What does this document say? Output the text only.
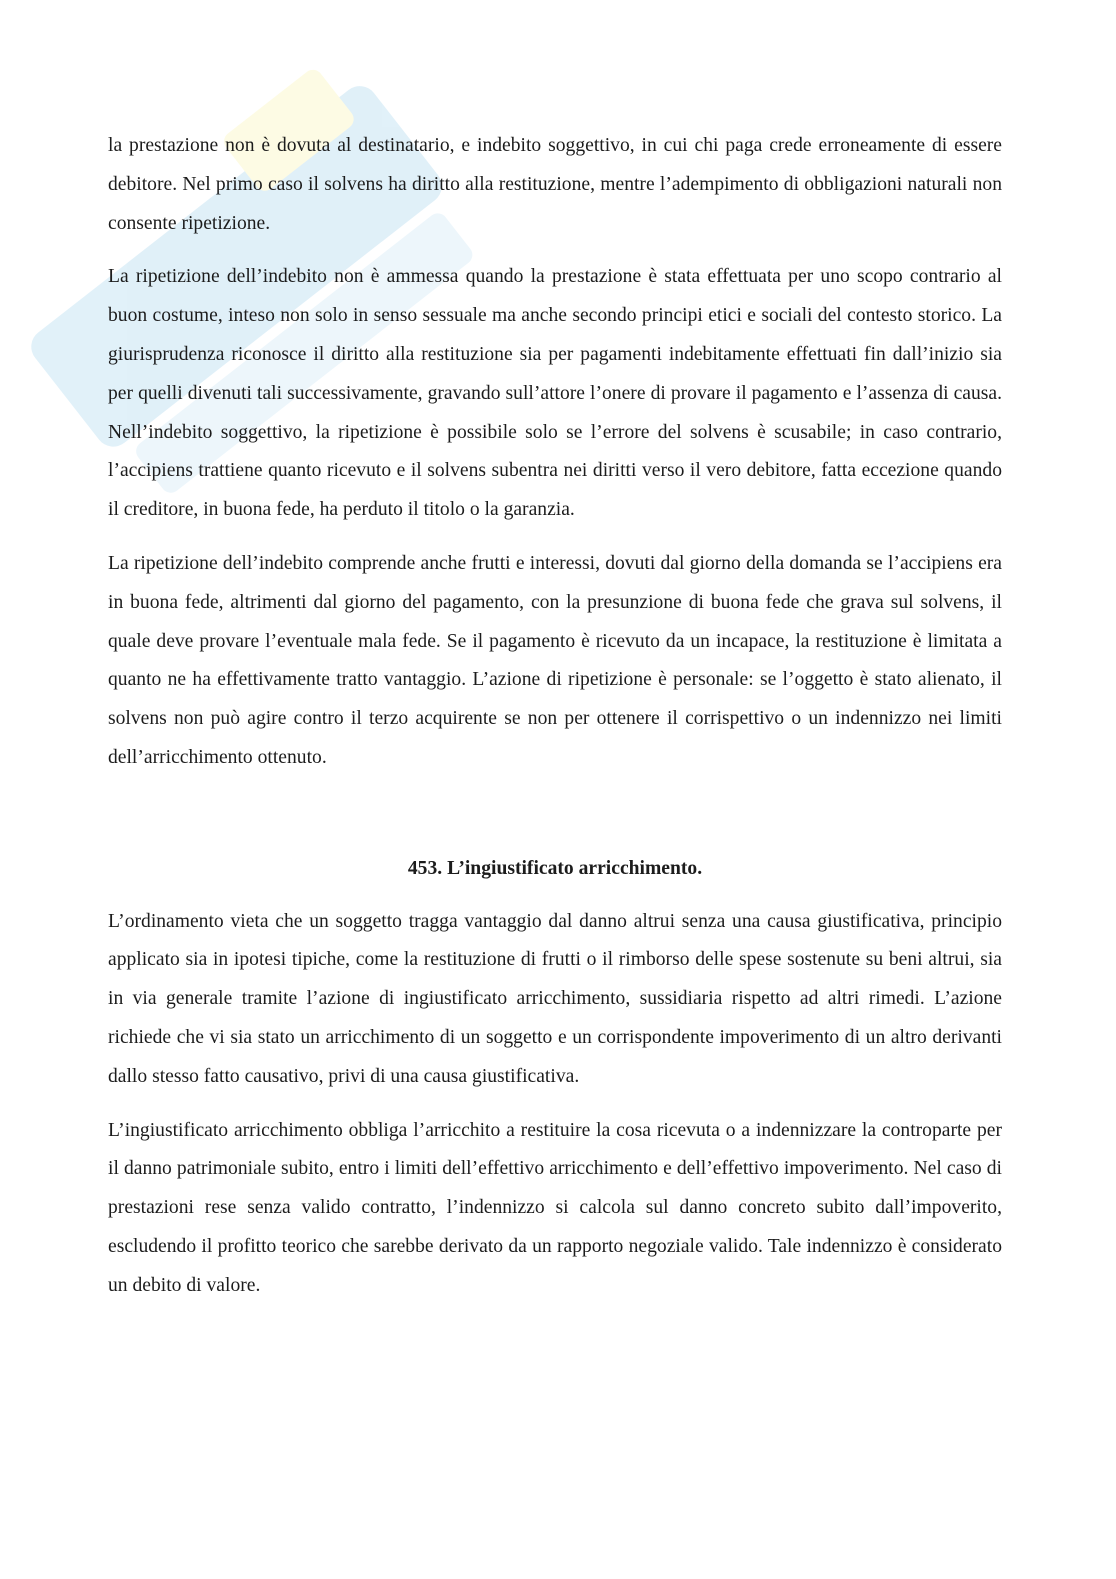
la prestazione non è dovuta al destinatario, e indebito soggettivo, in cui chi paga crede erroneamente di essere debitore. Nel primo caso il solvens ha diritto alla restituzione, mentre l’adempimento di obbligazioni naturali non consente ripetizione.

La ripetizione dell’indebito non è ammessa quando la prestazione è stata effettuata per uno scopo contrario al buon costume, inteso non solo in senso sessuale ma anche secondo principi etici e sociali del contesto storico. La giurisprudenza riconosce il diritto alla restituzione sia per pagamenti indebitamente effettuati fin dall’inizio sia per quelli divenuti tali successivamente, gravando sull’attore l’onere di provare il pagamento e l’assenza di causa. Nell’indebito soggettivo, la ripetizione è possibile solo se l’errore del solvens è scusabile; in caso contrario, l’accipiens trattiene quanto ricevuto e il solvens subentra nei diritti verso il vero debitore, fatta eccezione quando il creditore, in buona fede, ha perduto il titolo o la garanzia.

La ripetizione dell’indebito comprende anche frutti e interessi, dovuti dal giorno della domanda se l’accipiens era in buona fede, altrimenti dal giorno del pagamento, con la presunzione di buona fede che grava sul solvens, il quale deve provare l’eventuale mala fede. Se il pagamento è ricevuto da un incapace, la restituzione è limitata a quanto ne ha effettivamente tratto vantaggio. L’azione di ripetizione è personale: se l’oggetto è stato alienato, il solvens non può agire contro il terzo acquirente se non per ottenere il corrispettivo o un indennizzo nei limiti dell’arricchimento ottenuto.

453. L’ingiustificato arricchimento.

L’ordinamento vieta che un soggetto tragga vantaggio dal danno altrui senza una causa giustificativa, principio applicato sia in ipotesi tipiche, come la restituzione di frutti o il rimborso delle spese sostenute su beni altrui, sia in via generale tramite l’azione di ingiustificato arricchimento, sussidiaria rispetto ad altri rimedi. L’azione richiede che vi sia stato un arricchimento di un soggetto e un corrispondente impoverimento di un altro derivanti dallo stesso fatto causativo, privi di una causa giustificativa.

L’ingiustificato arricchimento obbliga l’arricchito a restituire la cosa ricevuta o a indennizzare la controparte per il danno patrimoniale subito, entro i limiti dell’effettivo arricchimento e dell’effettivo impoverimento. Nel caso di prestazioni rese senza valido contratto, l’indennizzo si calcola sul danno concreto subito dall’impoverito, escludendo il profitto teorico che sarebbe derivato da un rapporto negoziale valido. Tale indennizzo è considerato un debito di valore.
